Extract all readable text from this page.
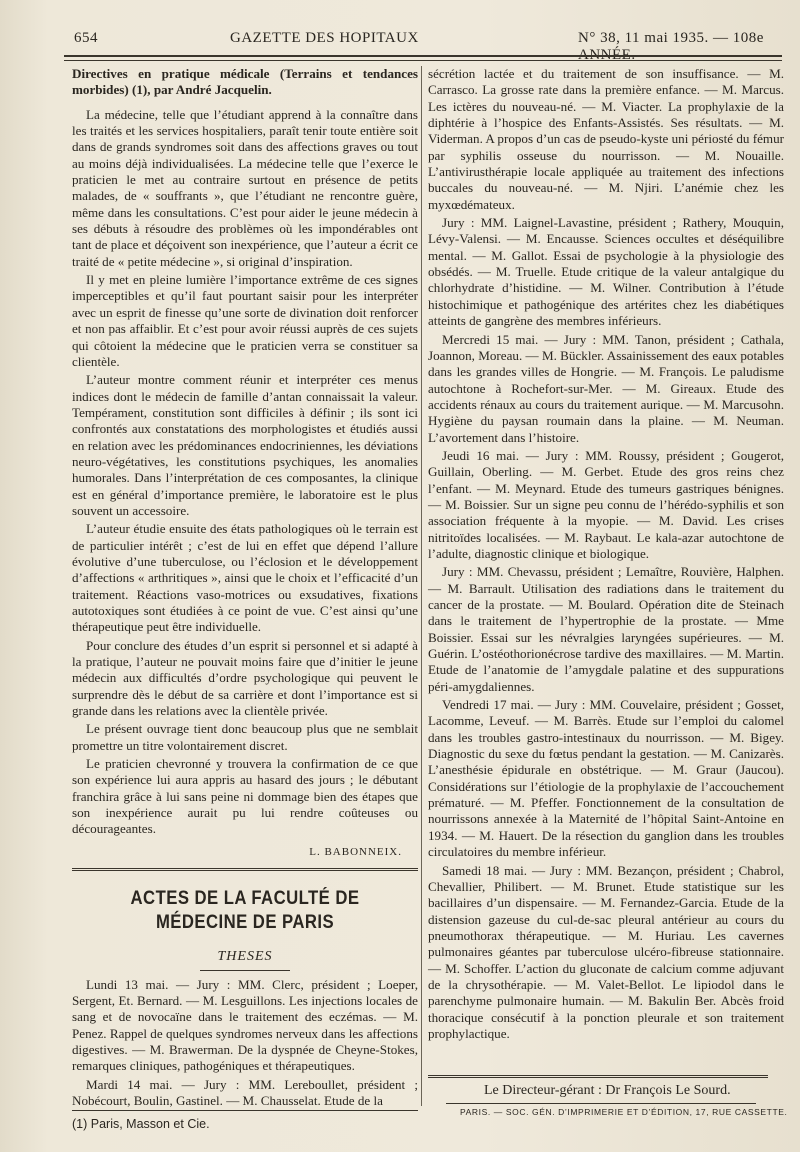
654	GAZETTE DES HOPITAUX	N° 38, 11 mai 1935. — 108e ANNÉE.

Directives en pratique médicale (Terrains et tendances morbides) (1), par André Jacquelin.

La médecine, telle que l’étudiant apprend à la connaître dans les traités et les services hospitaliers, paraît tenir toute entière soit dans de grands syndromes soit dans des affections graves ou tout au moins déjà individualisées. La médecine telle que l’exerce le praticien le met au contraire surtout en présence de petits malades, de « souffrants », que l’étudiant ne rencontre guère, même dans les consultations. C’est pour aider le jeune médecin à ses débuts à résoudre des problèmes où les impondérables ont tant de place et déçoivent son inexpérience, que l’auteur a écrit ce traité de « petite médecine », si original d’inspiration.

Il y met en pleine lumière l’importance extrême de ces signes imperceptibles et qu’il faut pourtant saisir pour les interpréter avec un esprit de finesse qu’une sorte de divination doit renforcer et non pas affaiblir. Et c’est pour avoir réussi auprès de ces sujets qui côtoient la médecine que le praticien verra se constituer sa clientèle.

L’auteur montre comment réunir et interpréter ces menus indices dont le médecin de famille d’antan connaissait la valeur. Tempérament, constitution sont difficiles à définir ; ils sont ici confrontés aux constatations des morphologistes et étudiés aussi en relation avec les prédominances endocriniennes, les déviations neuro-végétatives, les constitutions psychiques, les anomalies humorales. Dans l’interprétation de ces composantes, la clinique est en général d’importance première, le laboratoire est le plus souvent un accessoire.

L’auteur étudie ensuite des états pathologiques où le terrain est de particulier intérêt ; c’est de lui en effet que dépend l’allure évolutive d’une tuberculose, ou l’éclosion et le développement d’affections « arthritiques », ainsi que le choix et l’efficacité d’un traitement. Réactions vaso-motrices ou exsudatives, fixations autotoxiques sont étudiées à ce point de vue. C’est ainsi qu’une thérapeutique peut être individuelle.

Pour conclure des études d’un esprit si personnel et si adapté à la pratique, l’auteur ne pouvait moins faire que d’initier le jeune médecin aux difficultés d’ordre psychologique qui peuvent le surprendre dès le début de sa carrière et dont l’importance est si grande dans les relations avec la clientèle privée.

Le présent ouvrage tient donc beaucoup plus que ne semblait promettre un titre volontairement discret.

Le praticien chevronné y trouvera la confirmation de ce que son expérience lui aura appris au hasard des jours ; le débutant franchira grâce à lui sans peine ni dommage bien des étapes que son inexpérience aurait pu lui rendre coûteuses ou décourageantes.

L. BABONNEIX.

ACTES DE LA FACULTÉ DE MÉDECINE DE PARIS

THESES

Lundi 13 mai. — Jury : MM. Clerc, président ; Loeper, Sergent, Et. Bernard. — M. Lesguillons. Les injections locales de sang et de novocaïne dans le traitement des eczémas. — M. Penez. Rappel de quelques syndromes nerveux dans les affections digestives. — M. Brawerman. De la dyspnée de Cheyne-Stokes, remarques cliniques, pathogéniques et thérapeutiques.

Mardi 14 mai. — Jury : MM. Lereboullet, président ; Nobécourt, Boulin, Gastinel. — M. Chausselat. Etude de la

sécrétion lactée et du traitement de son insuffisance. — M. Carrasco. La grosse rate dans la première enfance. — M. Marcus. Les ictères du nouveau-né. — M. Viacter. La prophylaxie de la diphtérie à l’hospice des Enfants-Assistés. Ses résultats. — M. Viderman. A propos d’un cas de pseudo-kyste uni périosté du fémur par syphilis osseuse du nourrisson. — M. Nouaille. L’antivirusthérapie locale appliquée au traitement des infections buccales du nouveau-né. — M. Njiri. L’anémie chez les myxœdémateux.

Jury : MM. Laignel-Lavastine, président ; Rathery, Mouquin, Lévy-Valensi. — M. Encausse. Sciences occultes et déséquilibre mental. — M. Gallot. Essai de psychologie à la physiologie des obsédés. — M. Truelle. Etude critique de la valeur antalgique du chlorhydrate d’histidine. — M. Wilner. Contribution à l’étude histochimique et pathogénique des artérites chez les diabétiques atteints de gangrène des membres inférieurs.

Mercredi 15 mai. — Jury : MM. Tanon, président ; Cathala, Joannon, Moreau. — M. Bückler. Assainissement des eaux potables dans les grandes villes de Hongrie. — M. François. Le paludisme autochtone à Rochefort-sur-Mer. — M. Gireaux. Etude des accidents rénaux au cours du traitement aurique. — M. Marcusohn. Hygiène du paysan roumain dans la plaine. — M. Neuman. L’avortement dans l’histoire.

Jeudi 16 mai. — Jury : MM. Roussy, président ; Gougerot, Guillain, Oberling. — M. Gerbet. Etude des gros reins chez l’enfant. — M. Meynard. Etude des tumeurs gastriques bénignes. — M. Boissier. Sur un signe peu connu de l’hérédo-syphilis et son association fréquente à la myopie. — M. David. Les crises nitritoïdes localisées. — M. Raybaut. Le kala-azar autochtone de l’adulte, diagnostic clinique et biologique.

Jury : MM. Chevassu, président ; Lemaître, Rouvière, Halphen. — M. Barrault. Utilisation des radiations dans le traitement du cancer de la prostate. — M. Boulard. Opération dite de Steinach dans le traitement de l’hypertrophie de la prostate. — Mme Boissier. Essai sur les névralgies laryngées supérieures. — M. Guérin. L’ostéothorionécrose tardive des maxillaires. — M. Martin. Etude de l’anatomie de l’amygdale palatine et des suppurations péri-amygdaliennes.

Vendredi 17 mai. — Jury : MM. Couvelaire, président ; Gosset, Lacomme, Leveuf. — M. Barrès. Etude sur l’emploi du calomel dans les troubles gastro-intestinaux du nourrisson. — M. Bigey. Diagnostic du sexe du fœtus pendant la gestation. — M. Canizarès. L’anesthésie épidurale en obstétrique. — M. Graur (Jaucou). Considérations sur l’étiologie de la prophylaxie de l’accouchement prématuré. — M. Pfeffer. Fonctionnement de la consultation de nourrissons annexée à la Maternité de l’hôpital Saint-Antoine en 1934. — M. Hauert. De la résection du ganglion dans les troubles circulatoires du membre inférieur.

Samedi 18 mai. — Jury : MM. Bezançon, président ; Chabrol, Chevallier, Philibert. — M. Brunet. Etude statistique sur les bacillaires d’un dispensaire. — M. Fernandez-Garcia. Etude de la distension gazeuse du cul-de-sac pleural antérieur au cours du pneumothorax thérapeutique. — M. Huriau. Les cavernes pulmonaires géantes par tuberculose ulcéro-fibreuse stationnaire. — M. Schoffer. L’action du gluconate de calcium comme adjuvant de la chrysothérapie. — M. Valet-Bellot. Le lipiodol dans le parenchyme pulmonaire humain. — M. Bakulin Ber. Abcès froid thoracique consécutif à la ponction pleurale et son traitement prophylactique.

(1) Paris, Masson et Cie.
Le Directeur-gérant : Dr François Le Sourd.
PARIS. — SOC. GÉN. D’IMPRIMERIE ET D’ÉDITION, 17, RUE CASSETTE.
